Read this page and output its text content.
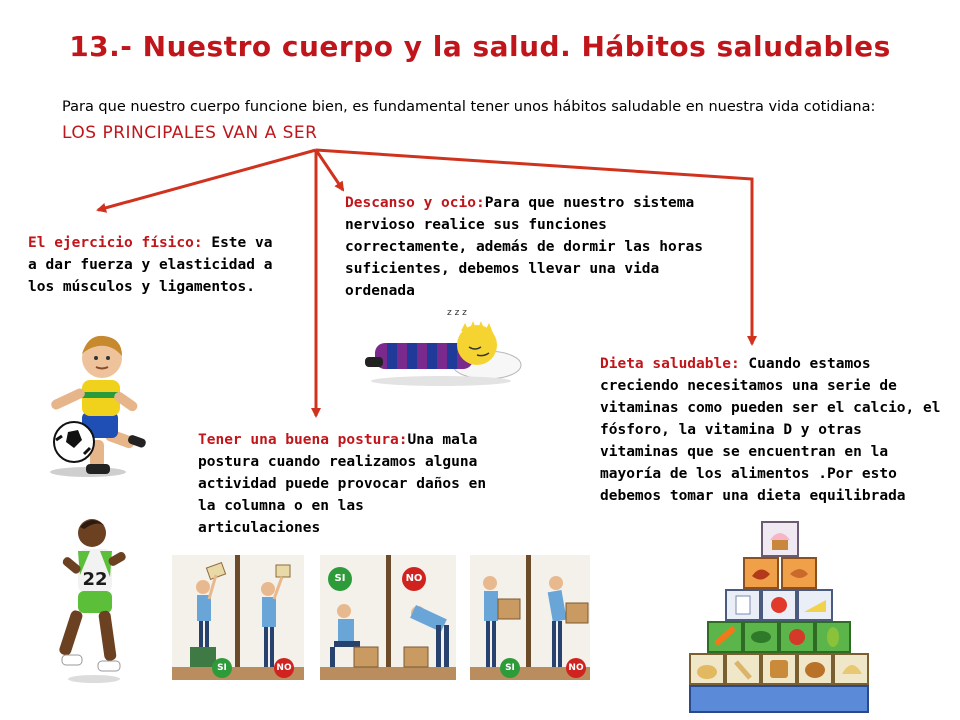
13.- Nuestro cuerpo y la salud. Hábitos saludables
Para que nuestro cuerpo funcione bien, es fundamental tener unos hábitos saludable en nuestra vida cotidiana: LOS PRINCIPALES VAN A SER
El ejercicio físico: Este va a dar fuerza y elasticidad a los músculos y ligamentos.
Descanso y ocio:Para que nuestro sistema nervioso realice sus funciones correctamente, además de dormir las horas suficientes, debemos llevar una vida ordenada
Tener una buena postura:Una mala postura cuando realizamos alguna actividad puede provocar daños en la columna o en las articulaciones
Dieta saludable: Cuando estamos creciendo necesitamos una serie de vitaminas como pueden ser el calcio, el fósforo, la vitamina D y otras vitaminas que se encuentran en la mayoría de los alimentos .Por esto debemos tomar una dieta equilibrada
22
z z z
SI	NO
SI	NO
SI	NO
